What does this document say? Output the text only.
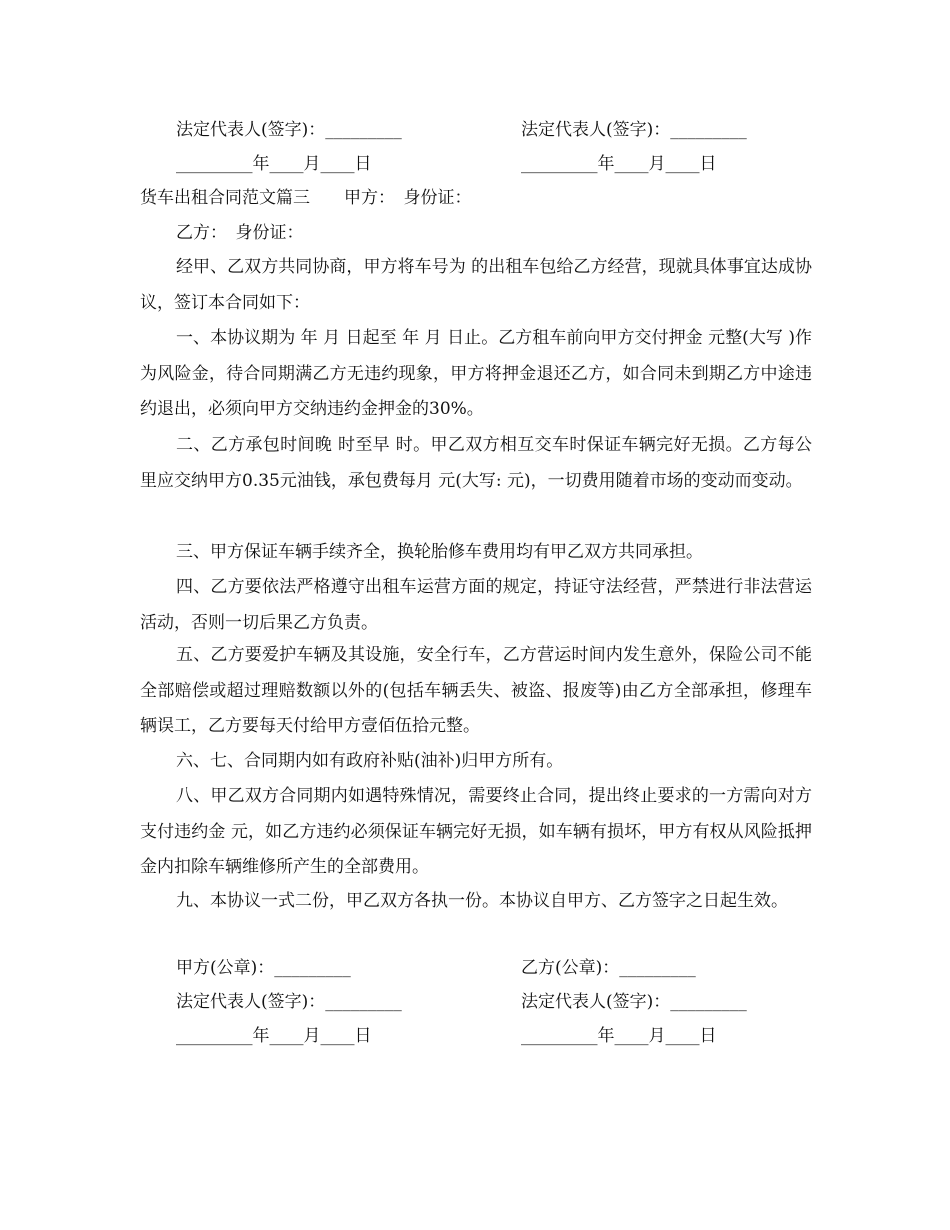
法定代表人(签字)：_________	法定代表人(签字)：_________
_________年____月____日	_________年____月____日
货车出租合同范文篇三　　甲方：　身份证：
乙方：　身份证：
经甲、乙双方共同协商，甲方将车号为 的出租车包给乙方经营，现就具体事宜达成协议，签订本合同如下：
一、本协议期为 年 月 日起至 年 月 日止。乙方租车前向甲方交付押金 元整(大写 )作为风险金，待合同期满乙方无违约现象，甲方将押金退还乙方，如合同未到期乙方中途违约退出，必须向甲方交纳违约金押金的30%。
二、乙方承包时间晚 时至早 时。甲乙双方相互交车时保证车辆完好无损。乙方每公里应交纳甲方0.35元油钱，承包费每月 元(大写: 元)，一切费用随着市场的变动而变动。
三、甲方保证车辆手续齐全，换轮胎修车费用均有甲乙双方共同承担。
四、乙方要依法严格遵守出租车运营方面的规定，持证守法经营，严禁进行非法营运活动，否则一切后果乙方负责。
五、乙方要爱护车辆及其设施，安全行车，乙方营运时间内发生意外，保险公司不能全部赔偿或超过理赔数额以外的(包括车辆丢失、被盗、报废等)由乙方全部承担，修理车辆误工，乙方要每天付给甲方壹佰伍拾元整。
六、七、合同期内如有政府补贴(油补)归甲方所有。
八、甲乙双方合同期内如遇特殊情况，需要终止合同，提出终止要求的一方需向对方支付违约金 元，如乙方违约必须保证车辆完好无损，如车辆有损坏，甲方有权从风险抵押金内扣除车辆维修所产生的全部费用。
九、本协议一式二份，甲乙双方各执一份。本协议自甲方、乙方签字之日起生效。
甲方(公章)：_________	乙方(公章)：_________
法定代表人(签字)：_________	法定代表人(签字)：_________
_________年____月____日	_________年____月____日
